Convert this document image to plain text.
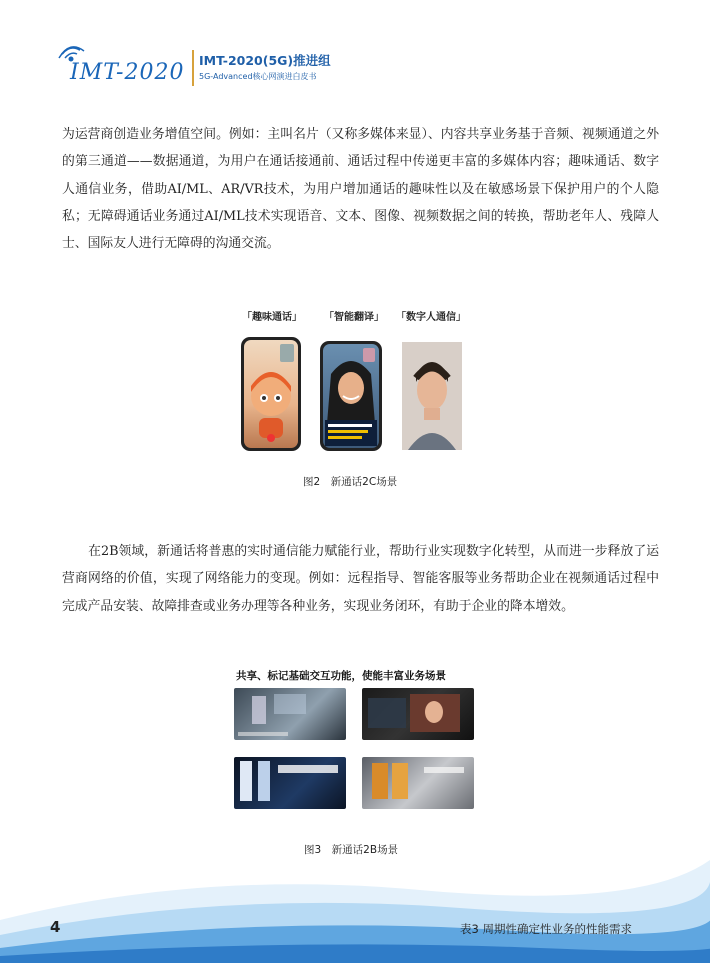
IMT-2020 IMT-2020(5G)推进组
5G-Advanced核心网演进白皮书
为运营商创造业务增值空间。例如：主叫名片（又称多媒体来显）、内容共享业务基于音频、视频通道之外的第三通道——数据通道，为用户在通话接通前、通话过程中传递更丰富的多媒体内容；趣味通话、数字人通信业务，借助AI/ML、AR/VR技术，为用户增加通话的趣味性以及在敏感场景下保护用户的个人隐私；无障碍通话业务通过AI/ML技术实现语音、文本、图像、视频数据之间的转换，帮助老年人、残障人士、国际友人进行无障碍的沟通交流。
「趣味通话」 「智能翻译」 「数字人通信」
图2　新通话2C场景
在2B领域，新通话将普惠的实时通信能力赋能行业，帮助行业实现数字化转型，从而进一步释放了运营商网络的价值，实现了网络能力的变现。例如：远程指导、智能客服等业务帮助企业在视频通话过程中完成产品安装、故障排查或业务办理等各种业务，实现业务闭环，有助于企业的降本增效。
共享、标记基础交互功能，使能丰富业务场景
图3　新通话2B场景
4	表3 周期性确定性业务的性能需求
